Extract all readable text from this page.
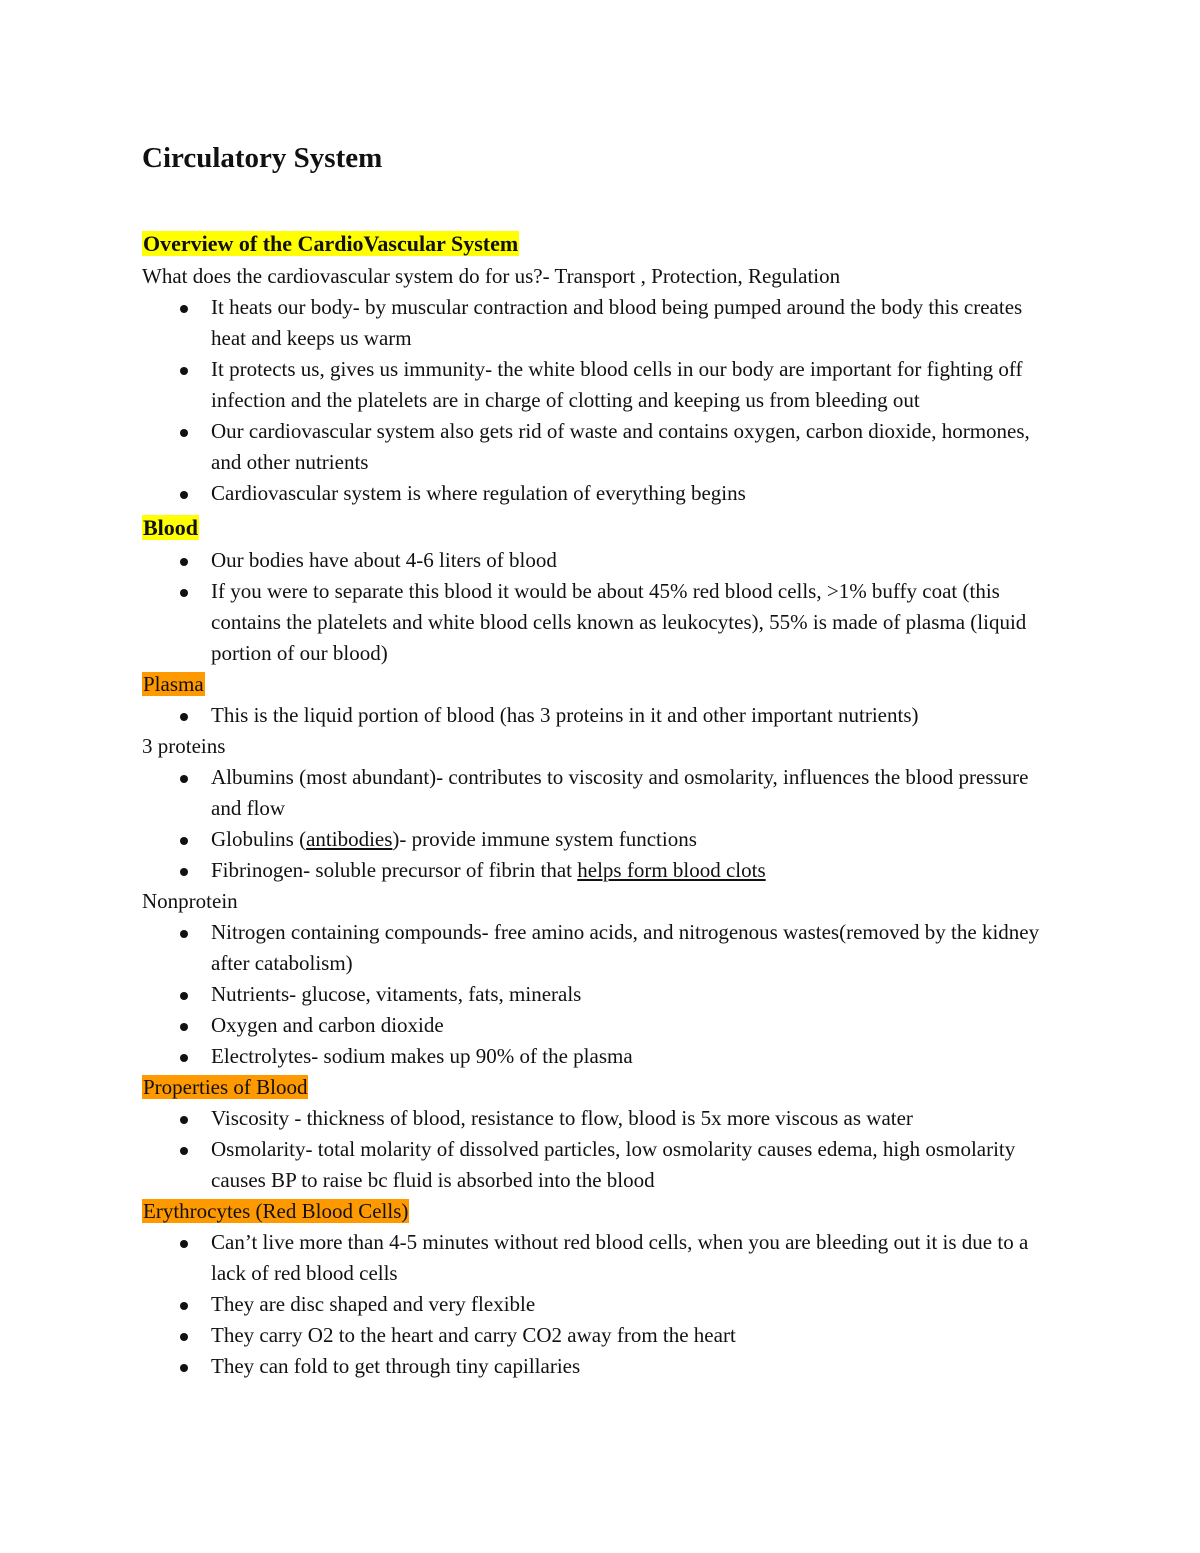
Circulatory System
Overview of the CardioVascular System
What does the cardiovascular system do for us?- Transport , Protection, Regulation
It heats our body- by muscular contraction and blood being pumped around the body this creates heat and keeps us warm
It protects us, gives us immunity- the white blood cells in our body are important for fighting off infection and the platelets are in charge of clotting and keeping us from bleeding out
Our cardiovascular system also gets rid of waste and contains oxygen, carbon dioxide, hormones, and other nutrients
Cardiovascular system is where regulation of everything begins
Blood
Our bodies have about 4-6 liters of blood
If you were to separate this blood it would be about 45% red blood cells, >1% buffy coat (this contains the platelets and white blood cells known as leukocytes), 55% is made of plasma (liquid portion of our blood)
Plasma
This is the liquid portion of blood (has 3 proteins in it and other important nutrients)
3 proteins
Albumins (most abundant)- contributes to viscosity and osmolarity, influences the blood pressure and flow
Globulins (antibodies)- provide immune system functions
Fibrinogen- soluble precursor of fibrin that helps form blood clots
Nonprotein
Nitrogen containing compounds- free amino acids, and nitrogenous wastes(removed by the kidney after catabolism)
Nutrients- glucose, vitaments, fats, minerals
Oxygen and carbon dioxide
Electrolytes- sodium makes up 90% of the plasma
Properties of Blood
Viscosity - thickness of blood, resistance to flow, blood is 5x more viscous as water
Osmolarity- total molarity of dissolved particles, low osmolarity causes edema, high osmolarity causes BP to raise bc fluid is absorbed into the blood
Erythrocytes (Red Blood Cells)
Can’t live more than 4-5 minutes without red blood cells, when you are bleeding out it is due to a lack of red blood cells
They are disc shaped and very flexible
They carry O2 to the heart and carry CO2 away from the heart
They can fold to get through tiny capillaries
